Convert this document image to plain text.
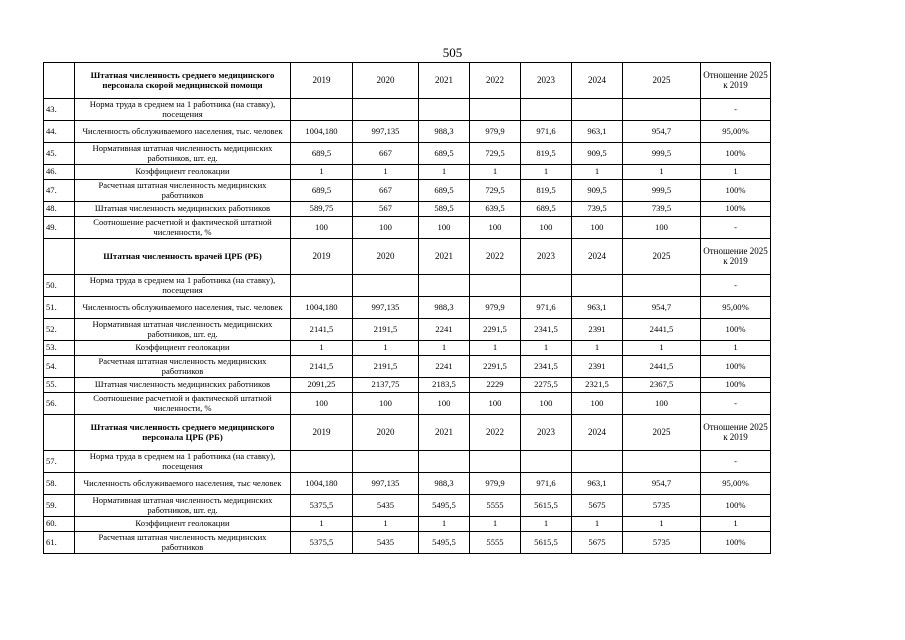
505
	Штатная численность среднего медицинского персонала скорой медицинской помощи	2019	2020	2021	2022	2023	2024	2025	Отношение 2025 к 2019
43.	Норма труда в среднем на 1 работника (на ставку), посещения								-
44.	Численность обслуживаемого населения, тыс. человек	1004,180	997,135	988,3	979,9	971,6	963,1	954,7	95,00%
45.	Нормативная штатная численность медицинских работников, шт. ед.	689,5	667	689,5	729,5	819,5	909,5	999,5	100%
46.	Коэффициент геолокации	1	1	1	1	1	1	1	1
47.	Расчетная штатная численность медицинских работников	689,5	667	689,5	729,5	819,5	909,5	999,5	100%
48.	Штатная численность медицинских работников	589,75	567	589,5	639,5	689,5	739,5	739,5	100%
49.	Соотношение расчетной и фактической штатной численности, %	100	100	100	100	100	100	100	-
	Штатная численность врачей ЦРБ (РБ)	2019	2020	2021	2022	2023	2024	2025	Отношение 2025 к 2019
50.	Норма труда в среднем на 1 работника (на ставку), посещения								-
51.	Численность обслуживаемого населения, тыс. человек	1004,180	997,135	988,3	979,9	971,6	963,1	954,7	95,00%
52.	Нормативная штатная численность медицинских работников, шт. ед.	2141,5	2191,5	2241	2291,5	2341,5	2391	2441,5	100%
53.	Коэффициент геолокации	1	1	1	1	1	1	1	1
54.	Расчетная штатная численность медицинских работников	2141,5	2191,5	2241	2291,5	2341,5	2391	2441,5	100%
55.	Штатная численность медицинских работников	2091,25	2137,75	2183,5	2229	2275,5	2321,5	2367,5	100%
56.	Соотношение расчетной и фактической штатной численности, %	100	100	100	100	100	100	100	-
	Штатная численность среднего медицинского персонала ЦРБ (РБ)	2019	2020	2021	2022	2023	2024	2025	Отношение 2025 к 2019
57.	Норма труда в среднем на 1 работника (на ставку), посещения								-
58.	Численность обслуживаемого населения, тыс человек	1004,180	997,135	988,3	979,9	971,6	963,1	954,7	95,00%
59.	Нормативная штатная численность медицинских работников, шт. ед.	5375,5	5435	5495,5	5555	5615,5	5675	5735	100%
60.	Коэффициент геолокации	1	1	1	1	1	1	1	1
61.	Расчетная штатная численность медицинских работников	5375,5	5435	5495,5	5555	5615,5	5675	5735	100%
